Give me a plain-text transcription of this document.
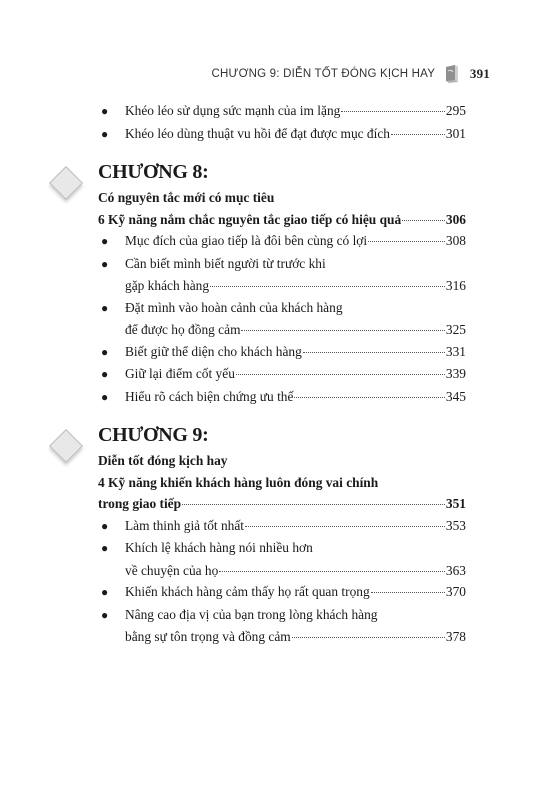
CHƯƠNG 9: DIỄN TỐT ĐÓNG KỊCH HAY	391
●	Khéo léo sử dụng sức mạnh của im lặng	295
●	Khéo léo dùng thuật vu hồi để đạt được mục đích	301
CHƯƠNG 8:
Có nguyên tắc mới có mục tiêu
6 Kỹ năng nắm chắc nguyên tắc giao tiếp có hiệu quả	306
●	Mục đích của giao tiếp là đôi bên cùng có lợi	308
●	Cần biết mình biết người từ trước khi
gặp khách hàng	316
●	Đặt mình vào hoàn cảnh của khách hàng
để được họ đồng cảm	325
●	Biết giữ thể diện cho khách hàng	331
●	Giữ lại điểm cốt yếu	339
●	Hiểu rõ cách biện chứng ưu thế	345
CHƯƠNG 9:
Diễn tốt đóng kịch hay
4 Kỹ năng khiến khách hàng luôn đóng vai chính
trong giao tiếp	351
●	Làm thinh giả tốt nhất	353
●	Khích lệ khách hàng nói nhiều hơn
về chuyện của họ	363
●	Khiến khách hàng cảm thấy họ rất quan trọng	370
●	Nâng cao địa vị của bạn trong lòng khách hàng
bằng sự tôn trọng và đồng cảm	378
